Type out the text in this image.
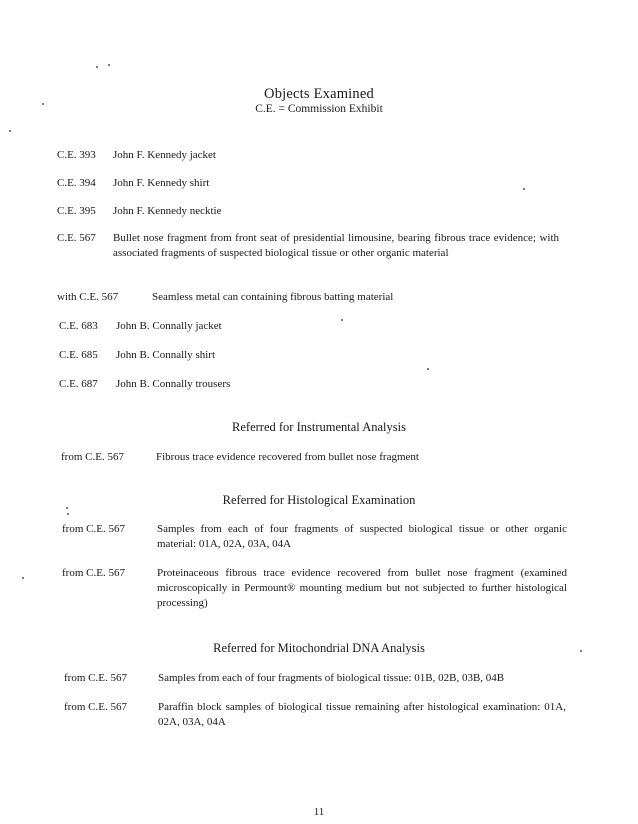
Objects Examined
C.E. = Commission Exhibit
C.E. 393 John F. Kennedy jacket
C.E. 394 John F. Kennedy shirt
C.E. 395 John F. Kennedy necktie
C.E. 567 Bullet nose fragment from front seat of presidential limousine, bearing fibrous trace evidence; with associated fragments of suspected biological tissue or other organic material
with C.E. 567	Seamless metal can containing fibrous batting material
C.E. 683 John B. Connally jacket
C.E. 685 John B. Connally shirt
C.E. 687 John B. Connally trousers
Referred for Instrumental Analysis
from C.E. 567	Fibrous trace evidence recovered from bullet nose fragment
Referred for Histological Examination
from C.E. 567	Samples from each of four fragments of suspected biological tissue or other organic material: 01A, 02A, 03A, 04A
from C.E. 567	Proteinaceous fibrous trace evidence recovered from bullet nose fragment (examined microscopically in Permount® mounting medium but not subjected to further histological processing)
Referred for Mitochondrial DNA Analysis
from C.E. 567	Samples from each of four fragments of biological tissue: 01B, 02B, 03B, 04B
from C.E. 567	Paraffin block samples of biological tissue remaining after histological examination: 01A, 02A, 03A, 04A
11
